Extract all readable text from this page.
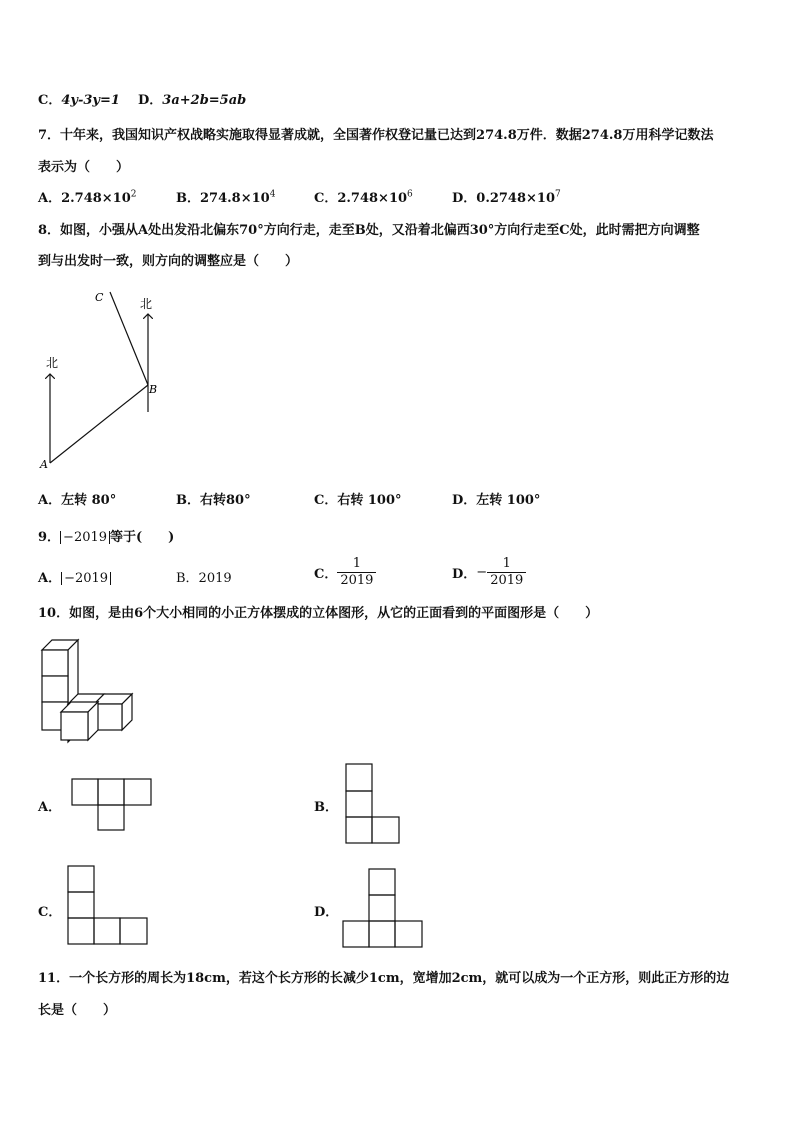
C．4y-3y=1 D．3a+2b=5ab
7．十年来，我国知识产权战略实施取得显著成就，全国著作权登记量已达到274.8万件．数据274.8万用科学记数法
表示为（　　）
A．$2.748\times 10^2$	B．$274.8\times 10^4$	C．$2.748\times 10^6$	D．$0.2748\times 10^7$
8．如图，小强从A处出发沿北偏东70°方向行走，走至B处，又沿着北偏西30°方向行走至C处，此时需把方向调整
到与出发时一致，则方向的调整应是（　　）
北
北
A
B
C
A．左转 80°	B．右转80°	C．右转 100°	D．左转 100°
9． −2019 等于(　　)
A． −2019	B．2019	C． $\frac{1}{2019}$	D．− $\frac{1}{2019}$
10．如图，是由6个大小相同的小正方体摆成的立体图形，从它的正面看到的平面图形是（　　）
A．	B．
C．	D．
11．一个长方形的周长为18cm，若这个长方形的长减少1cm，宽增加2cm，就可以成为一个正方形，则此正方形的边
长是（　　）
